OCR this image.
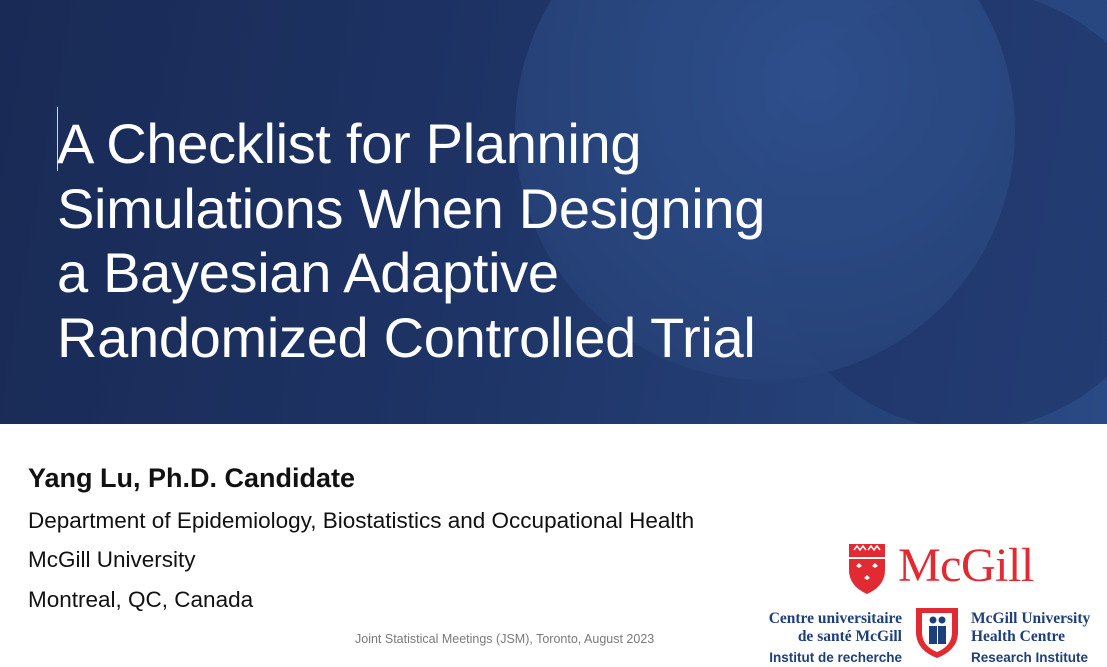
A Checklist for Planning
Simulations When Designing
a Bayesian Adaptive
Randomized Controlled Trial
Yang Lu, Ph.D. Candidate
Department of Epidemiology, Biostatistics and Occupational Health
McGill University
Montreal, QC, Canada
Joint Statistical Meetings (JSM), Toronto, August 2023
McGill
Centre universitaire
de santé McGill
Institut de recherche
McGill University
Health Centre
Research Institute
